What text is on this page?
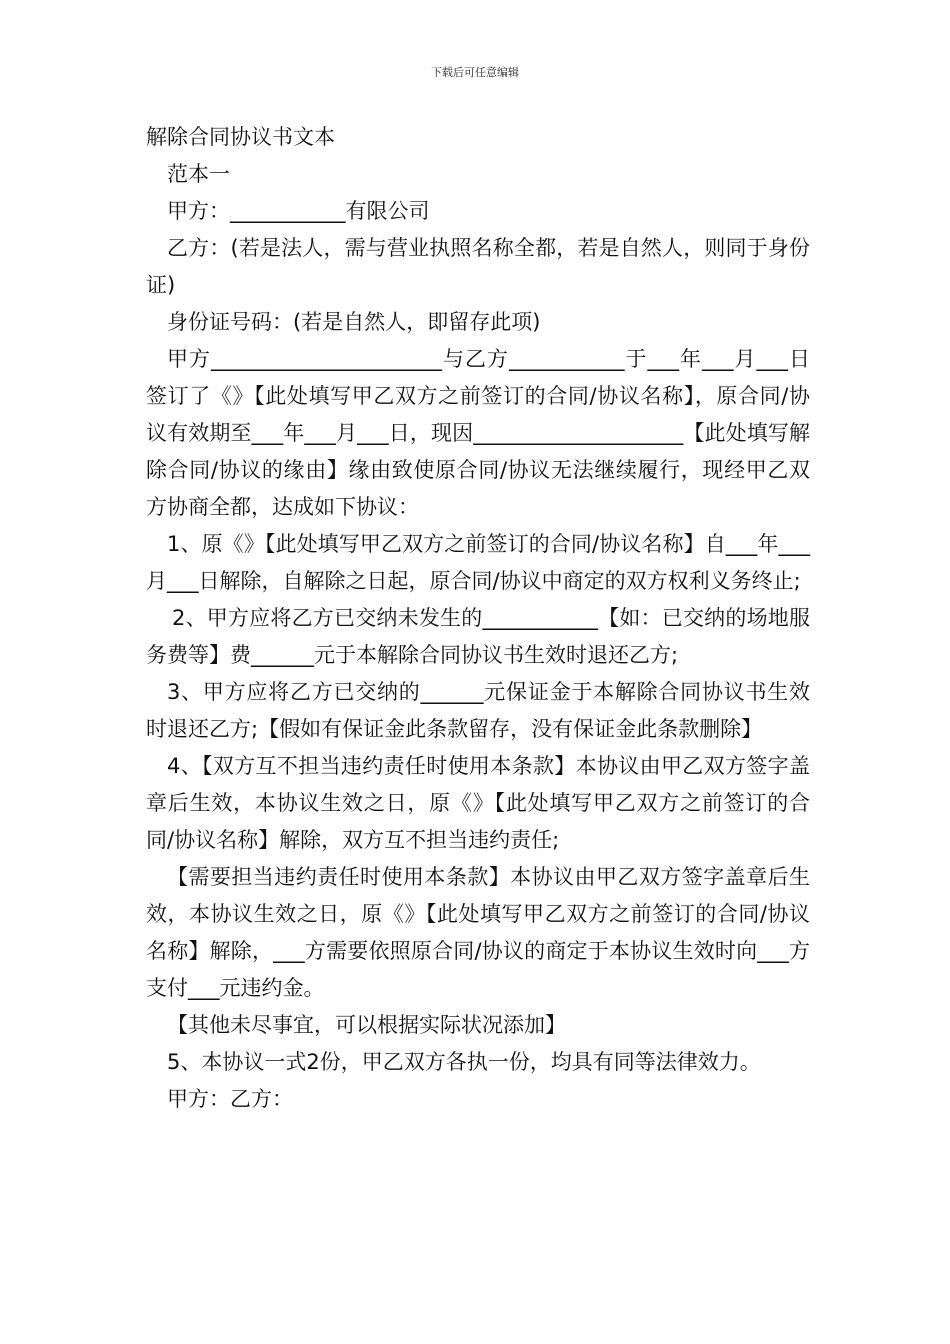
下载后可任意编辑
解除合同协议书文本

范本一

甲方：___________有限公司

乙方：(若是法人，需与营业执照名称全都，若是自然人，则同于身份证)

身份证号码：(若是自然人，即留存此项)

甲方______________________与乙方___________于___年___月___日签订了《》【此处填写甲乙双方之前签订的合同/协议名称】，原合同/协议有效期至___年___月___日，现因____________________【此处填写解除合同/协议的缘由】缘由致使原合同/协议无法继续履行，现经甲乙双方协商全都，达成如下协议：

1、原《》【此处填写甲乙双方之前签订的合同/协议名称】自___年___月___日解除，自解除之日起，原合同/协议中商定的双方权利义务终止;

2、甲方应将乙方已交纳未发生的___________【如：已交纳的场地服务费等】费______元于本解除合同协议书生效时退还乙方;

3、甲方应将乙方已交纳的______元保证金于本解除合同协议书生效时退还乙方;【假如有保证金此条款留存，没有保证金此条款删除】

4、【双方互不担当违约责任时使用本条款】本协议由甲乙双方签字盖章后生效，本协议生效之日，原《》【此处填写甲乙双方之前签订的合同/协议名称】解除，双方互不担当违约责任;

【需要担当违约责任时使用本条款】本协议由甲乙双方签字盖章后生效，本协议生效之日，原《》【此处填写甲乙双方之前签订的合同/协议名称】解除，___方需要依照原合同/协议的商定于本协议生效时向___方支付___元违约金。

【其他未尽事宜，可以根据实际状况添加】

5、本协议一式2份，甲乙双方各执一份，均具有同等法律效力。

甲方：乙方：
